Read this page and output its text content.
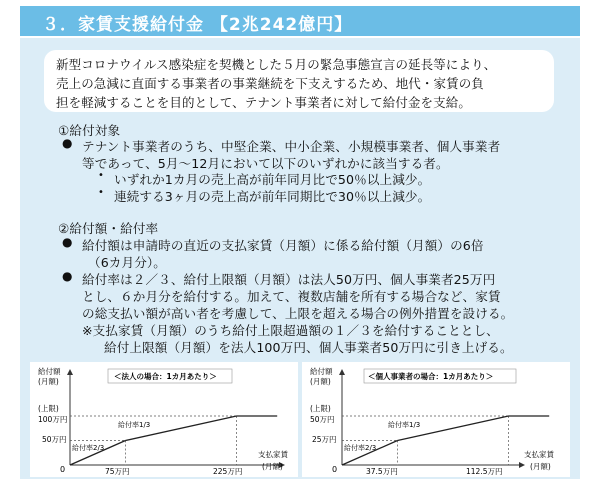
３．家賃支援給付金 【2兆242億円】
新型コロナウイルス感染症を契機とした５月の緊急事態宣言の延長等により、
売上の急減に直面する事業者の事業継続を下支えするため、地代・家賃の負
担を軽減することを目的として、テナント事業者に対して給付金を支給。
①給付対象
● テナント事業者のうち、中堅企業、中小企業、小規模事業者、個人事業者
等であって、5月〜12月において以下のいずれかに該当する者。
• いずれか1カ月の売上高が前年同月比で50％以上減少。
• 連続する3ヶ月の売上高が前年同期比で30％以上減少。
②給付額・給付率
● 給付額は申請時の直近の支払家賃（月額）に係る給付額（月額）の6倍
（6カ月分）。
● 給付率は２／３、給付上限額（月額）は法人50万円、個人事業者25万円
とし、６か月分を給付する。加えて、複数店舗を所有する場合など、家賃
の総支払い額が高い者を考慮して、上限を超える場合の例外措置を設ける。
※支払家賃（月額）のうち給付上限超過額の１／３を給付することとし、
給付上限額（月額）を法人100万円、個人事業者50万円に引き上げる。
給付額
(月額)
＜法人の場合：1カ月あたり＞
(上限)
100万円
50万円
0
給付率1/3
給付率2/3
75万円	225万円
支払家賃
(月額)
給付額
(月額)
＜個人事業者の場合：1カ月あたり＞
(上限)
50万円
25万円
0
給付率1/3
給付率2/3
37.5万円	112.5万円
支払家賃
(月額)
